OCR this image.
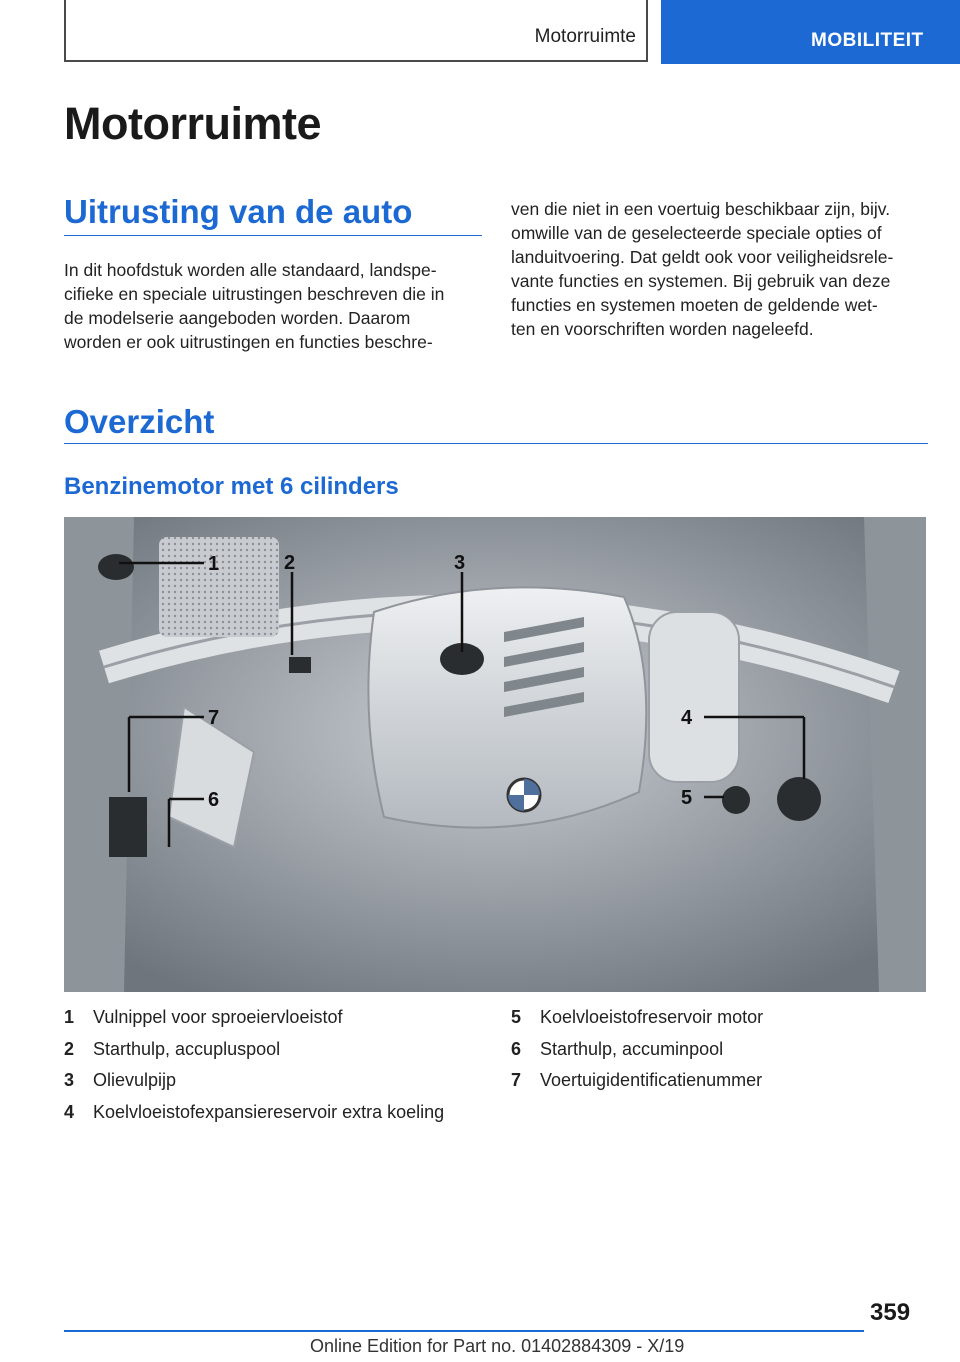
Motorruimte	MOBILITEIT
Motorruimte
Uitrusting van de auto
In dit hoofdstuk worden alle standaard, landspe-
cifieke en speciale uitrustingen beschreven die in
de modelserie aangeboden worden. Daarom
worden er ook uitrustingen en functies beschre-
ven die niet in een voertuig beschikbaar zijn, bijv.
omwille van de geselecteerde speciale opties of
landuitvoering. Dat geldt ook voor veiligheidsrele-
vante functies en systemen. Bij gebruik van deze
functies en systemen moeten de geldende wet-
ten en voorschriften worden nageleefd.
Overzicht
Benzinemotor met 6 cilinders
1	2	3
4
5
6
7
1	Vulnippel voor sproeiervloeistof
2	Starthulp, accupluspool
3	Olievulpijp
4	Koelvloeistofexpansiereservoir extra koeling
5	Koelvloeistofreservoir motor
6	Starthulp, accuminpool
7	Voertuigidentificatienummer
359
Online Edition for Part no. 01402884309 - X/19
